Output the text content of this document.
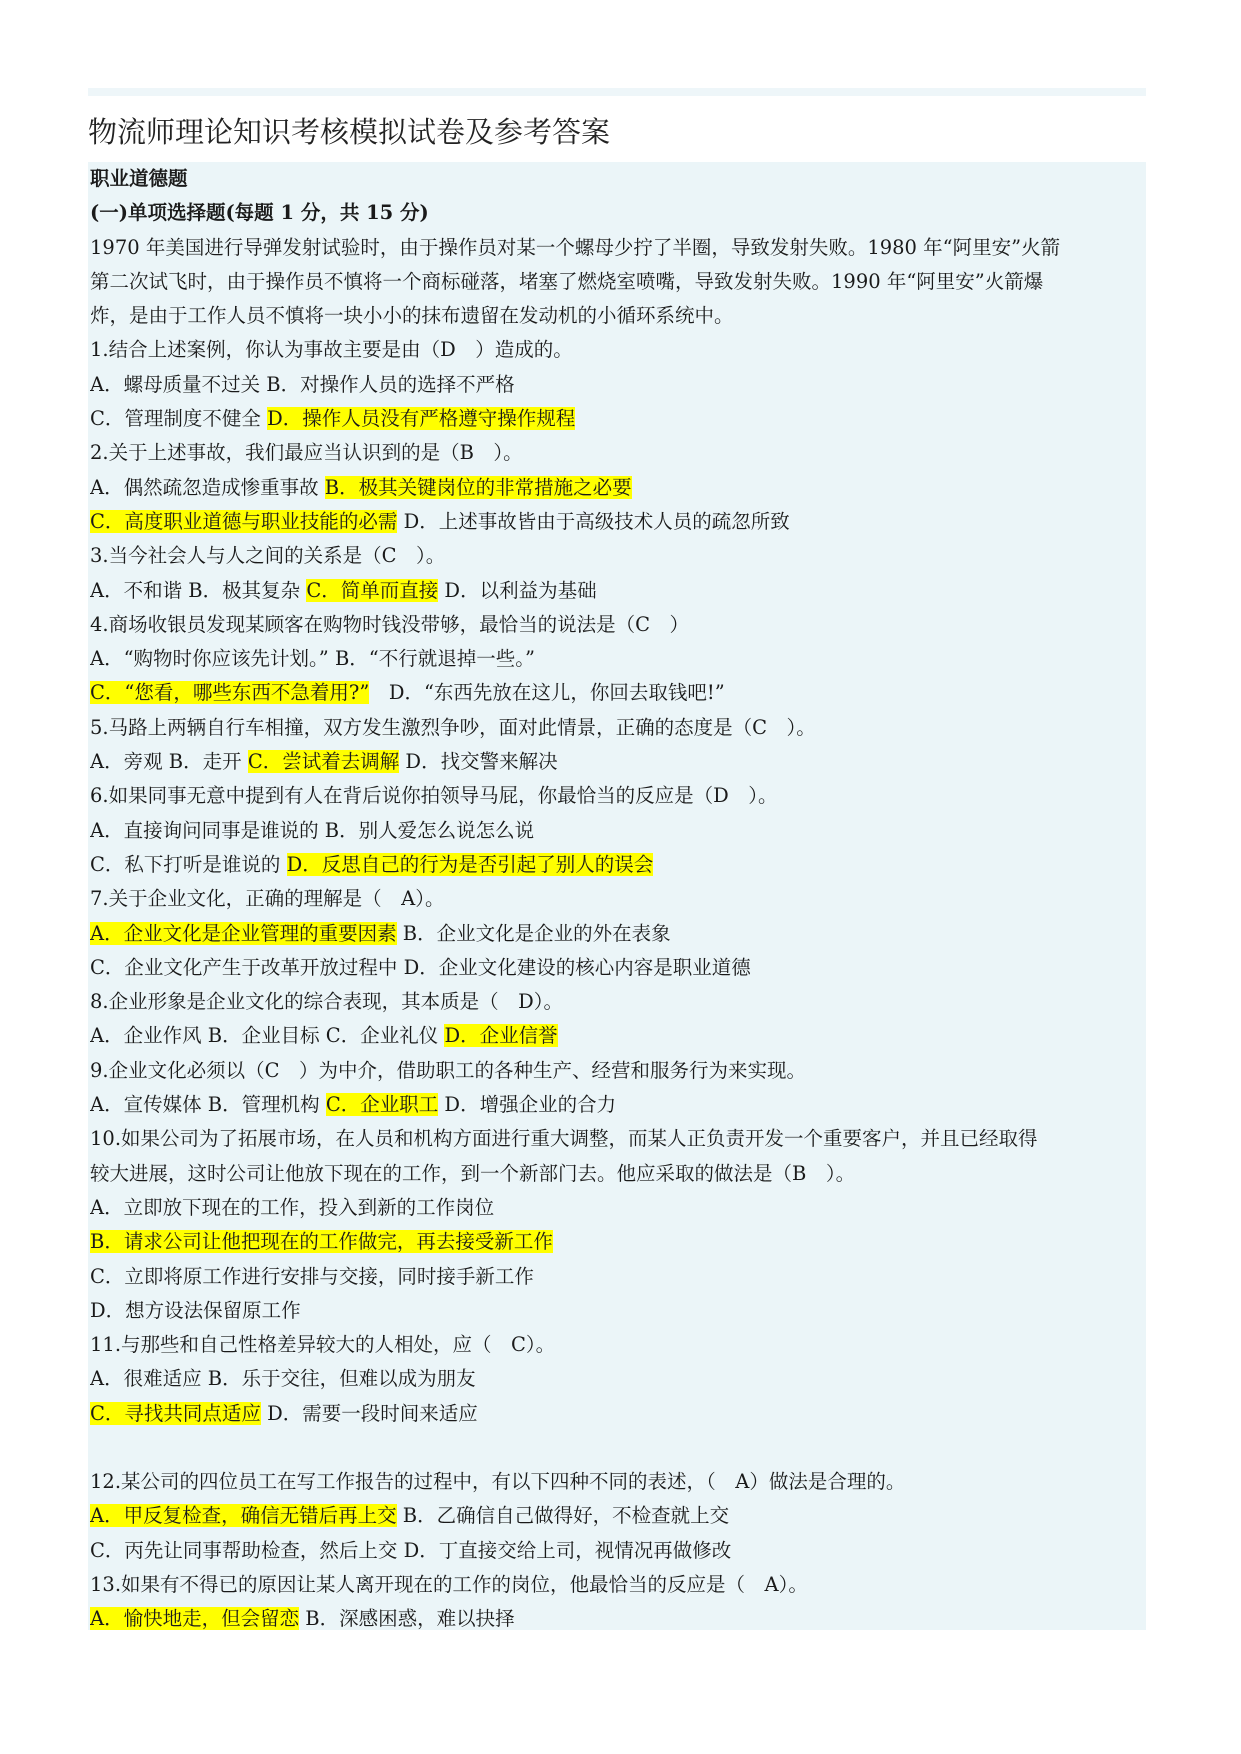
物流师理论知识考核模拟试卷及参考答案
职业道德题
(一)单项选择题(每题 1 分，共 15 分)
1970 年美国进行导弹发射试验时，由于操作员对某一个螺母少拧了半圈，导致发射失败。1980 年“阿里安”火箭
第二次试飞时，由于操作员不慎将一个商标碰落，堵塞了燃烧室喷嘴，导致发射失败。1990 年“阿里安”火箭爆
炸，是由于工作人员不慎将一块小小的抹布遗留在发动机的小循环系统中。
1.结合上述案例，你认为事故主要是由（D　）造成的。
A．螺母质量不过关 B．对操作人员的选择不严格
C．管理制度不健全 D．操作人员没有严格遵守操作规程
2.关于上述事故，我们最应当认识到的是（B　）。
A．偶然疏忽造成惨重事故 B．极其关键岗位的非常措施之必要
C．高度职业道德与职业技能的必需 D．上述事故皆由于高级技术人员的疏忽所致
3.当今社会人与人之间的关系是（C　）。
A．不和谐 B．极其复杂 C．简单而直接 D．以利益为基础
4.商场收银员发现某顾客在购物时钱没带够，最恰当的说法是（C　）
A．“购物时你应该先计划。” B．“不行就退掉一些。”
C．“您看，哪些东西不急着用?”　D．“东西先放在这儿，你回去取钱吧!”
5.马路上两辆自行车相撞，双方发生激烈争吵，面对此情景，正确的态度是（C　）。
A．旁观 B．走开 C．尝试着去调解 D．找交警来解决
6.如果同事无意中提到有人在背后说你拍领导马屁，你最恰当的反应是（D　）。
A．直接询问同事是谁说的 B．别人爱怎么说怎么说
C．私下打听是谁说的 D．反思自己的行为是否引起了别人的误会
7.关于企业文化，正确的理解是（　A）。
A．企业文化是企业管理的重要因素 B．企业文化是企业的外在表象
C．企业文化产生于改革开放过程中 D．企业文化建设的核心内容是职业道德
8.企业形象是企业文化的综合表现，其本质是（　D）。
A．企业作风 B．企业目标 C．企业礼仪 D．企业信誉
9.企业文化必须以（C　）为中介，借助职工的各种生产、经营和服务行为来实现。
A．宣传媒体 B．管理机构 C．企业职工 D．增强企业的合力
10.如果公司为了拓展市场，在人员和机构方面进行重大调整，而某人正负责开发一个重要客户，并且已经取得
较大进展，这时公司让他放下现在的工作，到一个新部门去。他应采取的做法是（B　）。
A．立即放下现在的工作，投入到新的工作岗位
B．请求公司让他把现在的工作做完，再去接受新工作
C．立即将原工作进行安排与交接，同时接手新工作
D．想方设法保留原工作
11.与那些和自己性格差异较大的人相处，应（　C）。
A．很难适应 B．乐于交往，但难以成为朋友
C．寻找共同点适应 D．需要一段时间来适应
12.某公司的四位员工在写工作报告的过程中，有以下四种不同的表述，（　A）做法是合理的。
A．甲反复检查，确信无错后再上交 B．乙确信自己做得好，不检查就上交
C．丙先让同事帮助检查，然后上交 D．丁直接交给上司，视情况再做修改
13.如果有不得已的原因让某人离开现在的工作的岗位，他最恰当的反应是（　A）。
A．愉快地走，但会留恋 B．深感困惑，难以抉择
